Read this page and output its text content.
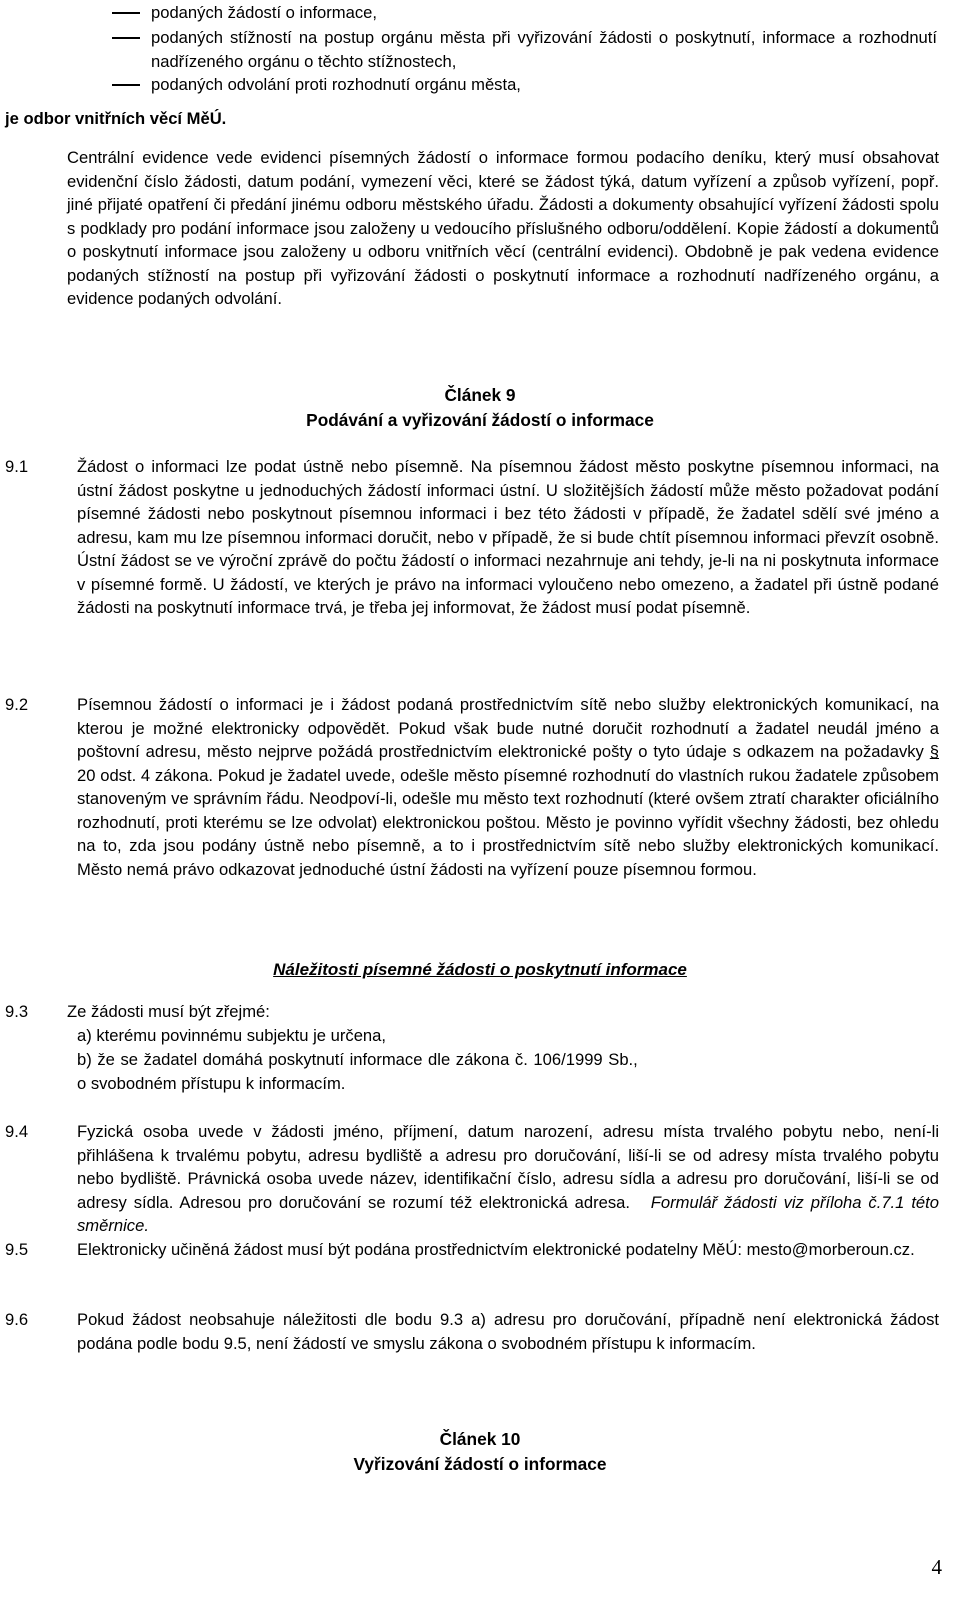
podaných žádostí o informace,
podaných stížností na postup orgánu města při vyřizování žádosti o poskytnutí, informace a rozhodnutí nadřízeného orgánu o těchto stížnostech,
podaných odvolání proti rozhodnutí orgánu města,
je odbor vnitřních věcí MěÚ.
Centrální evidence vede evidenci písemných žádostí o informace formou podacího deníku, který musí obsahovat evidenční číslo žádosti, datum podání, vymezení věci, které se žádost týká, datum vyřízení a způsob vyřízení, popř. jiné přijaté opatření či předání jinému odboru městského úřadu. Žádosti a dokumenty obsahující vyřízení žádosti spolu s podklady pro podání informace jsou založeny u vedoucího příslušného odboru/oddělení. Kopie žádostí a dokumentů o poskytnutí informace jsou založeny u odboru vnitřních věcí (centrální evidenci). Obdobně je pak vedena evidence podaných stížností na postup při vyřizování žádosti o poskytnutí informace a rozhodnutí nadřízeného orgánu, a evidence podaných odvolání.
Článek 9
Podávání a vyřizování žádostí o informace
9.1	Žádost o informaci lze podat ústně nebo písemně. Na písemnou žádost město poskytne písemnou informaci, na ústní žádost poskytne u jednoduchých žádostí informaci ústní. U složitějších žádostí může město požadovat podání písemné žádosti nebo poskytnout písemnou informaci i bez této žádosti v případě, že žadatel sdělí své jméno a adresu, kam mu lze písemnou informaci doručit, nebo v případě, že si bude chtít písemnou informaci převzít osobně. Ústní žádost se ve výroční zprávě do počtu žádostí o informaci nezahrnuje ani tehdy, je-li na ni poskytnuta informace v písemné formě. U žádostí, ve kterých je právo na informaci vyloučeno nebo omezeno, a žadatel při ústně podané žádosti na poskytnutí informace trvá, je třeba jej informovat, že žádost musí podat písemně.
9.2	Písemnou žádostí o informaci je i žádost podaná prostřednictvím sítě nebo služby elektronických komunikací, na kterou je možné elektronicky odpovědět. Pokud však bude nutné doručit rozhodnutí a žadatel neudál jméno a poštovní adresu, město nejprve požádá prostřednictvím elektronické pošty o tyto údaje s odkazem na požadavky § 20 odst. 4 zákona. Pokud je žadatel uvede, odešle město písemné rozhodnutí do vlastních rukou žadatele způsobem stanoveným ve správním řádu. Neodpoví-li, odešle mu město text rozhodnutí (které ovšem ztratí charakter oficiálního rozhodnutí, proti kterému se lze odvolat) elektronickou poštou. Město je povinno vyřídit všechny žádosti, bez ohledu na to, zda jsou podány ústně nebo písemně, a to i prostřednictvím sítě nebo služby elektronických komunikací. Město nemá právo odkazovat jednoduché ústní žádosti na vyřízení pouze písemnou formou.
Náležitosti písemné žádosti o poskytnutí informace
9.3 Ze žádosti musí být zřejmé:
a) kterému povinnému subjektu je určena,
b) že se žadatel domáhá poskytnutí informace dle zákona č. 106/1999 Sb.,
o svobodném přístupu k informacím.
9.4	Fyzická osoba uvede v žádosti jméno, příjmení, datum narození, adresu místa trvalého pobytu nebo, není-li přihlášena k trvalému pobytu, adresu bydliště a adresu pro doručování, liší-li se od adresy místa trvalého pobytu nebo bydliště. Právnická osoba uvede název, identifikační číslo, adresu sídla a adresu pro doručování, liší-li se od adresy sídla. Adresou pro doručování se rozumí též elektronická adresa. Formulář žádosti viz příloha č.7.1 této směrnice.
9.5	Elektronicky učiněná žádost musí být podána prostřednictvím elektronické podatelny MěÚ: mesto@morberoun.cz.
9.6	Pokud žádost neobsahuje náležitosti dle bodu 9.3 a) adresu pro doručování, případně není elektronická žádost podána podle bodu 9.5, není žádostí ve smyslu zákona o svobodném přístupu k informacím.
Článek 10
Vyřizování žádostí o informace
4
